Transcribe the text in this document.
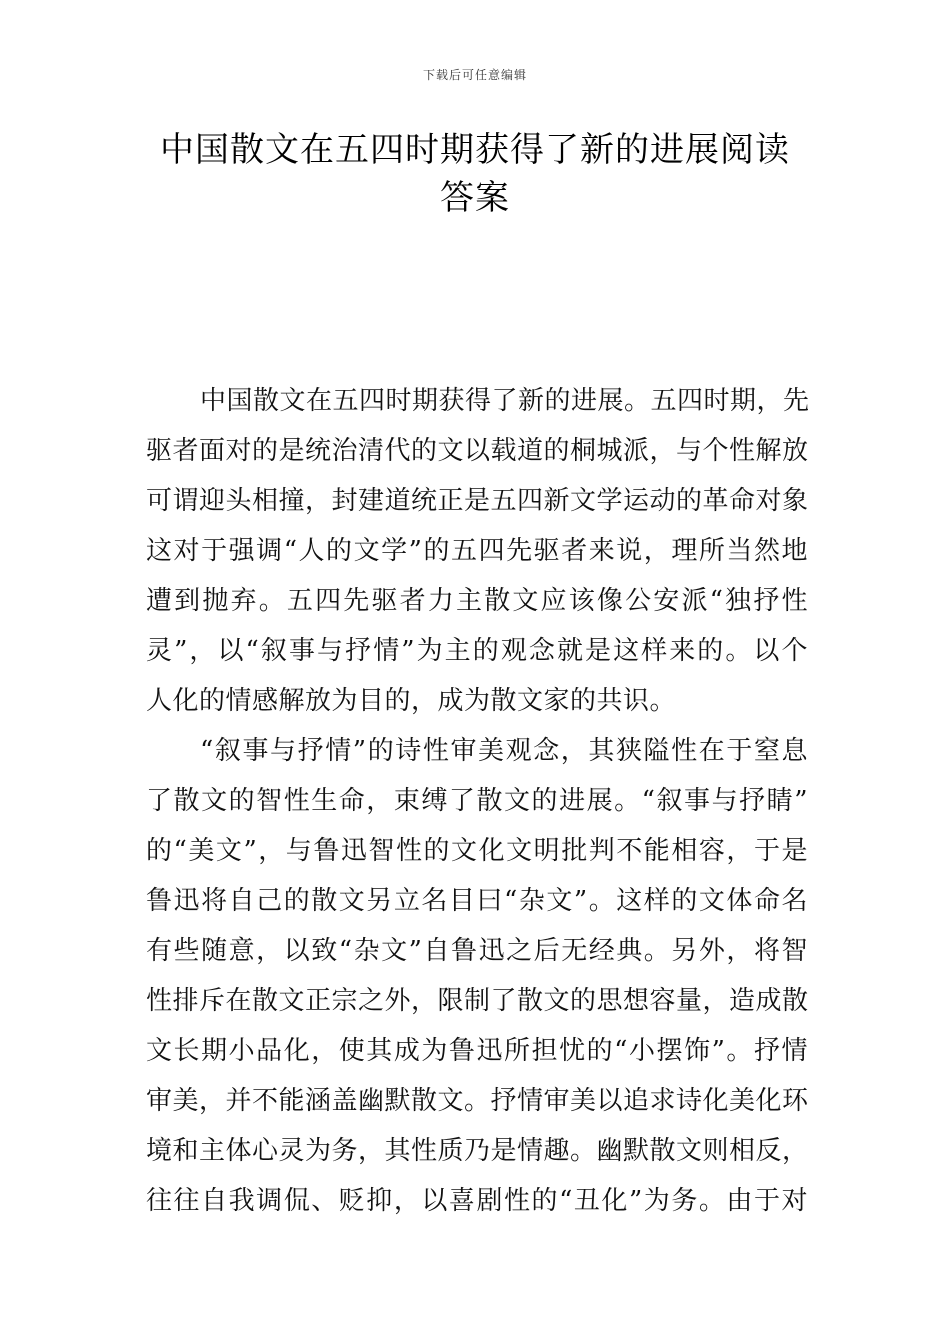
下载后可任意编辑
中国散文在五四时期获得了新的进展阅读
答案
中国散文在五四时期获得了新的进展。五四时期，先
驱者面对的是统治清代的文以载道的桐城派，与个性解放
可谓迎头相撞，封建道统正是五四新文学运动的革命对象
这对于强调“人的文学”的五四先驱者来说，理所当然地
遭到抛弃。五四先驱者力主散文应该像公安派“独抒性
灵”，以“叙事与抒情”为主的观念就是这样来的。以个
人化的情感解放为目的，成为散文家的共识。
“叙事与抒情”的诗性审美观念，其狭隘性在于窒息
了散文的智性生命，束缚了散文的进展。“叙事与抒睛”
的“美文”，与鲁迅智性的文化文明批判不能相容，于是
鲁迅将自己的散文另立名目曰“杂文”。这样的文体命名
有些随意，以致“杂文”自鲁迅之后无经典。另外，将智
性排斥在散文正宗之外，限制了散文的思想容量，造成散
文长期小品化，使其成为鲁迅所担忧的“小摆饰”。抒情
审美，并不能涵盖幽默散文。抒情审美以追求诗化美化环
境和主体心灵为务，其性质乃是情趣。幽默散文则相反，
往往自我调侃、贬抑，以喜剧性的“丑化”为务。由于对
